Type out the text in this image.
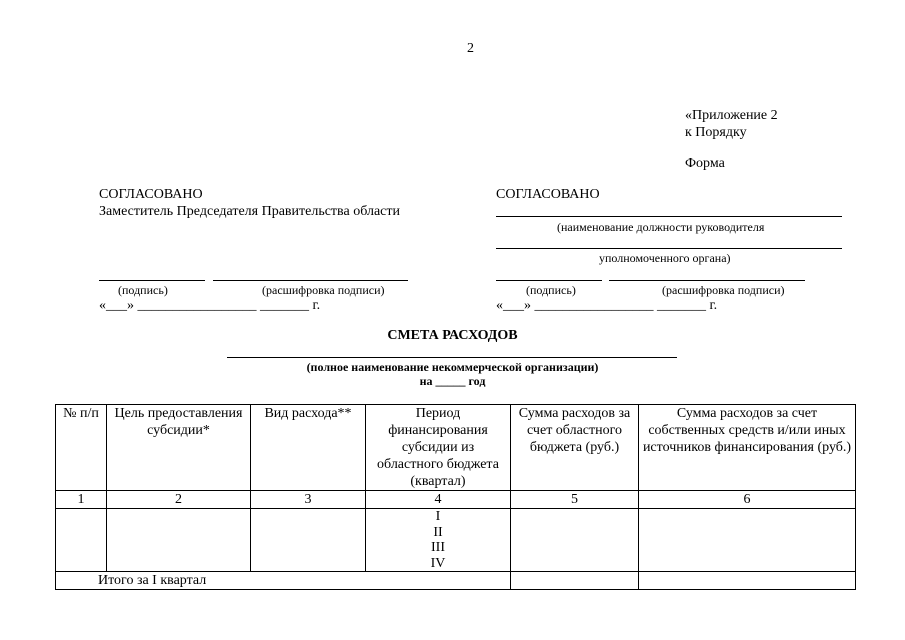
2
«Приложение 2
к Порядку
Форма
СОГЛАСОВАНО
Заместитель Председателя Правительства области
(подпись)	(расшифровка подписи)
«___» _________________ _______ г.
СОГЛАСОВАНО
(наименование должности руководителя
уполномоченного органа)
(подпись)	(расшифровка подписи)
«___» _________________ _______ г.
СМЕТА РАСХОДОВ
(полное наименование некоммерческой организации)
на _____ год
№ п/п	Цель предоставления субсидии*	Вид расхода**	Период финансирования субсидии из областного бюджета (квартал)	Сумма расходов за счет областного бюджета (руб.)	Сумма расходов за счет собственных средств и/или иных источников финансирования (руб.)
1	2	3	4	5	6

			I
II
III
IV		

Итого за I квартал					
